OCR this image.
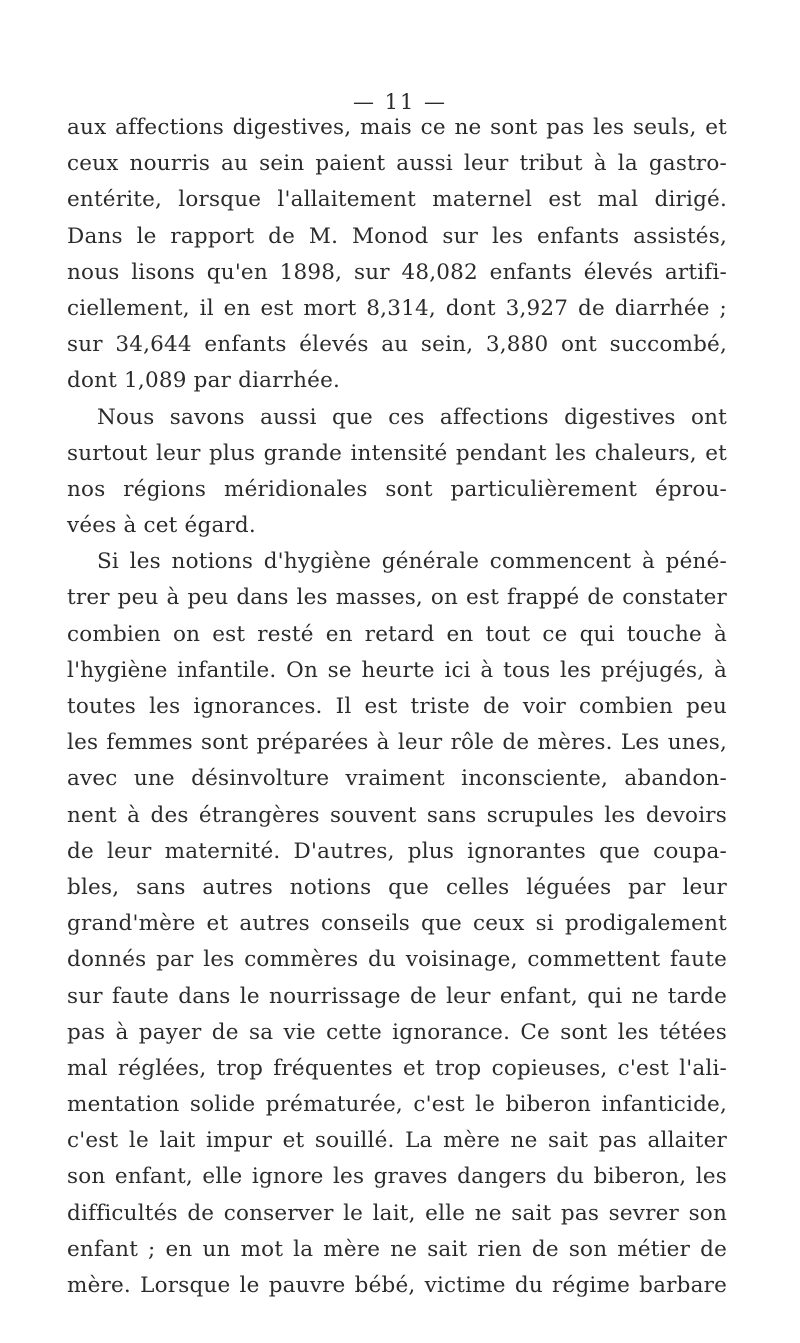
— 11 —
aux affections digestives, mais ce ne sont pas les seuls, et
ceux nourris au sein paient aussi leur tribut à la gastro-
entérite, lorsque l'allaitement maternel est mal dirigé.
Dans le rapport de M. Monod sur les enfants assistés,
nous lisons qu'en 1898, sur 48,082 enfants élevés artifi-
ciellement, il en est mort 8,314, dont 3,927 de diarrhée ;
sur 34,644 enfants élevés au sein, 3,880 ont succombé,
dont 1,089 par diarrhée.
Nous savons aussi que ces affections digestives ont
surtout leur plus grande intensité pendant les chaleurs, et
nos régions méridionales sont particulièrement éprou-
vées à cet égard.
Si les notions d'hygiène générale commencent à péné-
trer peu à peu dans les masses, on est frappé de constater
combien on est resté en retard en tout ce qui touche à
l'hygiène infantile. On se heurte ici à tous les préjugés, à
toutes les ignorances. Il est triste de voir combien peu
les femmes sont préparées à leur rôle de mères. Les unes,
avec une désinvolture vraiment inconsciente, abandon-
nent à des étrangères souvent sans scrupules les devoirs
de leur maternité. D'autres, plus ignorantes que coupa-
bles, sans autres notions que celles léguées par leur
grand'mère et autres conseils que ceux si prodigalement
donnés par les commères du voisinage, commettent faute
sur faute dans le nourrissage de leur enfant, qui ne tarde
pas à payer de sa vie cette ignorance. Ce sont les tétées
mal réglées, trop fréquentes et trop copieuses, c'est l'ali-
mentation solide prématurée, c'est le biberon infanticide,
c'est le lait impur et souillé. La mère ne sait pas allaiter
son enfant, elle ignore les graves dangers du biberon, les
difficultés de conserver le lait, elle ne sait pas sevrer son
enfant ; en un mot la mère ne sait rien de son métier de
mère. Lorsque le pauvre bébé, victime du régime barbare
